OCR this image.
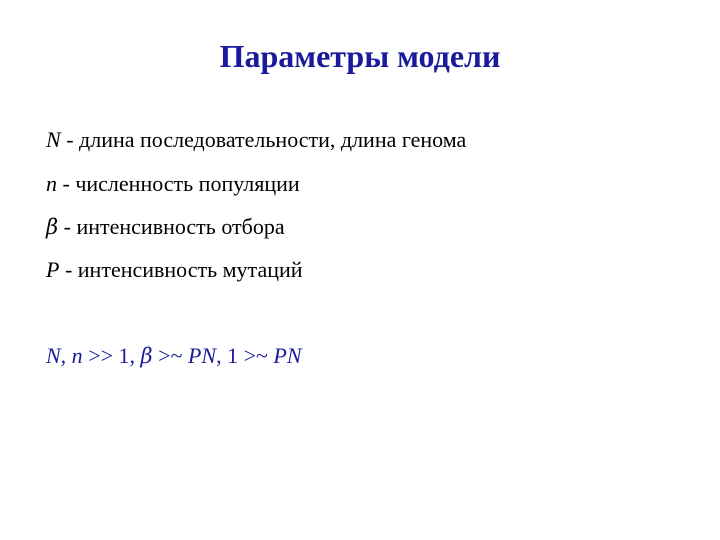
Параметры модели
N - длина последовательности, длина генома
n - численность популяции
β - интенсивность отбора
P - интенсивность мутаций
N, n >> 1, β >~ PN, 1 >~ PN
